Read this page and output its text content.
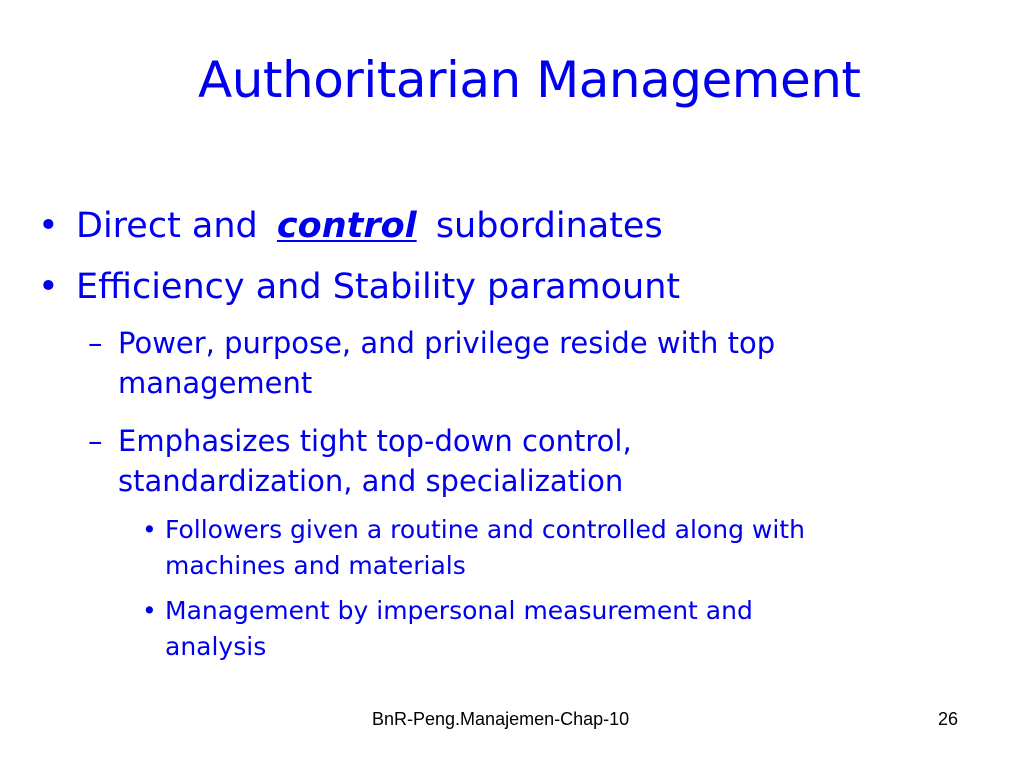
Authoritarian Management
• Direct and control subordinates
• Efficiency and Stability paramount
– Power, purpose, and privilege reside with top
management
– Emphasizes tight top-down control,
standardization, and specialization
• Followers given a routine and controlled along with
machines and materials
• Management by impersonal measurement and
analysis
BnR-Peng.Manajemen-Chap-10	26
